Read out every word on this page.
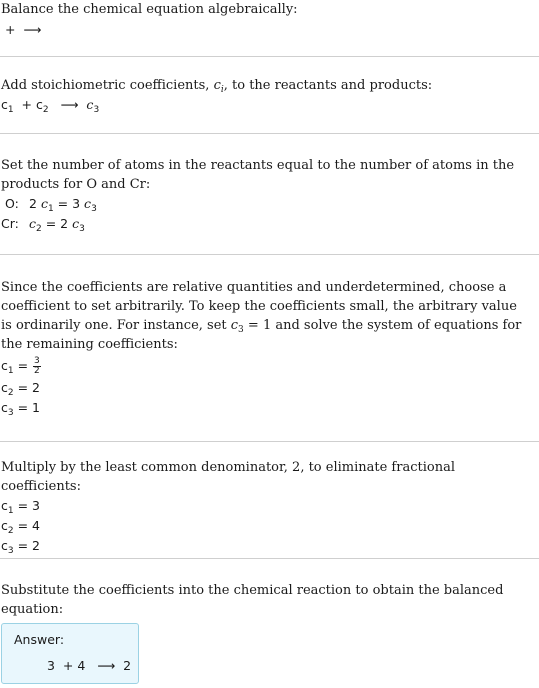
Balance the chemical equation algebraically:

+  ⟶

Add stoichiometric coefficients, $c_i$, to the reactants and products:

$c_1 + c_2$   ⟶  $c_3$

Set the number of atoms in the reactants equal to the number of atoms in the products for O and Cr:

O: 2 $c_1 = 3$ $c_3$
Cr: $c_2 = 2$ $c_3$

Since the coefficients are relative quantities and underdetermined, choose a coefficient to set arbitrarily. To keep the coefficients small, the arbitrary value is ordinarily one. For instance, set $c_3 = 1$ and solve the system of equations for the remaining coefficients:

$c_1 = \frac{3}{2}$
$c_2 = 2$
$c_3 = 1$

Multiply by the least common denominator, 2, to eliminate fractional coefficients:

$c_1 = 3$
$c_2 = 4$
$c_3 = 2$

Substitute the coefficients into the chemical reaction to obtain the balanced equation:

Answer:
3  + 4   ⟶  2
